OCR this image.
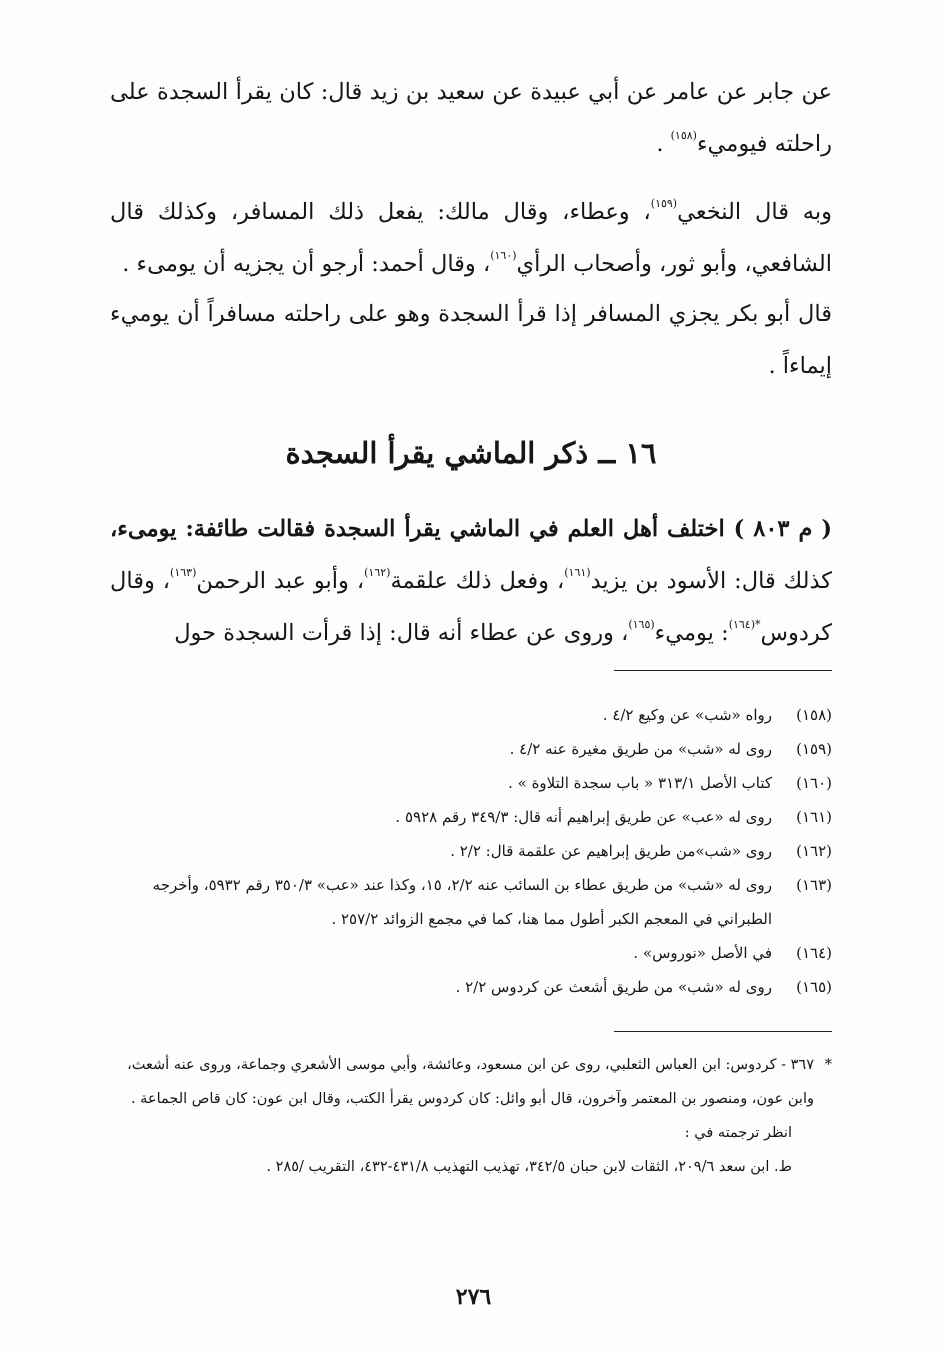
عن جابر عن عامر عن أبي عبيدة عن سعيد بن زيد قال: كان يقرأ السجدة على راحلته فيوميء$^{(١٥٨)}$ .

وبه قال النخعي$^{(١٥٩)}$، وعطاء، وقال مالك: يفعل ذلك المسافر، وكذلك قال الشافعي، وأبو ثور، وأصحاب الرأي$^{(١٦٠)}$، وقال أحمد: أرجو أن يجزيه أن يومىء .

قال أبو بكر يجزي المسافر إذا قرأ السجدة وهو على راحلته مسافراً أن يوميء إيماءاً .

١٦ ــ ذكر الماشي يقرأ السجدة

( م ٨٠٣ ) اختلف أهل العلم في الماشي يقرأ السجدة فقالت طائفة: يومىء، كذلك قال: الأسود بن يزيد$^{(١٦١)}$، وفعل ذلك علقمة$^{(١٦٢)}$، وأبو عبد الرحمن$^{(١٦٣)}$، وقال كردوس$^{*(١٦٤)}$: يوميء$^{(١٦٥)}$، وروى عن عطاء أنه قال: إذا قرأت السجدة حول

(١٥٨)
رواه «شب» عن وكيع ٤/٢ .
(١٥٩)
روى له «شب» من طريق مغيرة عنه ٤/٢ .
(١٦٠)
كتاب الأصل ٣١٣/١ « باب سجدة التلاوة » .
(١٦١)
روى له «عب» عن طريق إبراهيم أنه قال: ٣٤٩/٣ رقم ٥٩٢٨ .
(١٦٢)
روى «شب»من طريق إبراهيم عن علقمة قال: ٢/٢ .
(١٦٣)
روى له «شب» من طريق عطاء بن السائب عنه ٢/٢، ١٥، وكذا عند «عب» ٣٥٠/٣ رقم ٥٩٣٢، وأخرجه الطبراني في المعجم الكبر أطول مما هنا، كما في مجمع الزوائد ٢٥٧/٢ .
(١٦٤)
في الأصل «نوروس» .
(١٦٥)
روى له «شب» من طريق أشعث عن كردوس ٢/٢ .
*
٣٦٧ - كردوس: ابن العباس الثعلبي، روى عن ابن مسعود، وعائشة، وأبي موسى الأشعري وجماعة، وروى عنه أشعث، وابن عون، ومنصور بن المعتمر وآخرون، قال أبو وائل: كان كردوس يقرأ الكتب، وقال ابن عون: كان قاص الجماعة .
انظر ترجمته في :
ط. ابن سعد ٢٠٩/٦، الثقات لابن حبان ٣٤٢/٥، تهذيب التهذيب ٤٣١/٨-٤٣٢، التقريب /٢٨٥ .
٢٧٦
